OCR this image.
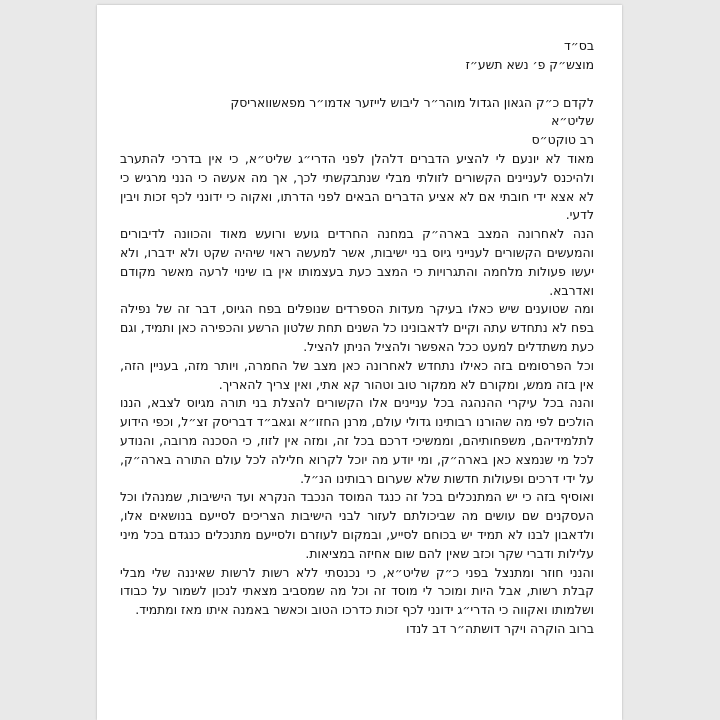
בס״ד
מוצש״ק פ׳ נשא תשע״ז
לקדם כ״ק הגאון הגדול מוהר״ר ליבוש לייזער אדמו״ר מפאשוואריסק
שליט״א
רב טוקט״ס
מאוד לא יונעם לי להציע הדברים דלהלן לפני הדרי״ג שליט״א, כי אין בדרכי להתערב ולהיכנס לעניינים הקשורים לזולתי מבלי שנתבקשתי לכך, אך מה אעשה כי הנני מרגיש כי לא אצא ידי חובתי אם לא אציע הדברים הבאים לפני הדרתו, ואקוה כי ידונני לכף זכות ויבין לדעי.
הנה לאחרונה המצב בארה״ק במחנה החרדים גועש ורועש מאוד והכוונה לדיבורים והמעשים הקשורים לענייני גיוס בני ישיבות, אשר למעשה ראוי שיהיה שקט ולא ידברו, ולא יעשו פעולות מלחמה והתגרויות כי המצב כעת בעצמותו אין בו שינוי לרעה מאשר מקודם ואדרבא.
ומה שטוענים שיש כאלו בעיקר מעדות הספרדים שנופלים בפח הגיוס, דבר זה של נפילה בפח לא נתחדש עתה וקיים לדאבונינו כל השנים תחת שלטון הרשע והכפירה כאן ותמיד, וגם כעת משתדלים למעט ככל האפשר ולהציל הניתן להציל.
וכל הפרסומים בזה כאילו נתחדש לאחרונה כאן מצב של החמרה, ויותר מזה, בעניין הזה, אין בזה ממש, ומקורם לא ממקור טוב וטהור קא אתי, ואין צריך להאריך.
והנה בכל עיקרי ההנהגה בכל עניינים אלו הקשורים להצלת בני תורה מגיוס לצבא, הננו הולכים לפי מה שהורנו רבותינו גדולי עולם, מרנן החזו״א וגאב״ד דבריסק זצ״ל, וכפי הידוע לתלמידיהם, משפחותיהם, וממשיכי דרכם בכל זה, ומזה אין לזוז, כי הסכנה מרובה, והנודע לכל מי שנמצא כאן בארה״ק, ומי יודע מה יוכל לקרוא חלילה לכל עולם התורה בארה״ק, על ידי דרכים ופעולות חדשות שלא שערום רבותינו הנ״ל.
ואוסיף בזה כי יש המתנכלים בכל זה כנגד המוסד הנכבד הנקרא ועד הישיבות, שמנהלו וכל העסקנים שם עושים מה שביכולתם לעזור לבני הישיבות הצריכים לסייעם בנושאים אלו, ולדאבון לבנו לא תמיד יש בכוחם לסייע, ובמקום לעוזרם ולסייעם מתנכלים כנגדם בכל מיני עלילות ודברי שקר וכזב שאין להם שום אחיזה במציאות.
והנני חוזר ומתנצל בפני כ״ק שליט״א, כי נכנסתי ללא רשות לרשות שאיננה שלי מבלי קבלת רשות, אבל היות ומוכר לי מוסד זה וכל מה שמסביב מצאתי לנכון לשמור על כבודו ושלמותו ואקווה כי הדרי״ג ידונני לכף זכות כדרכו הטוב וכאשר באמנה איתו מאז ומתמיד.
ברוב הוקרה ויקר דושתה״ר דב לנדו
